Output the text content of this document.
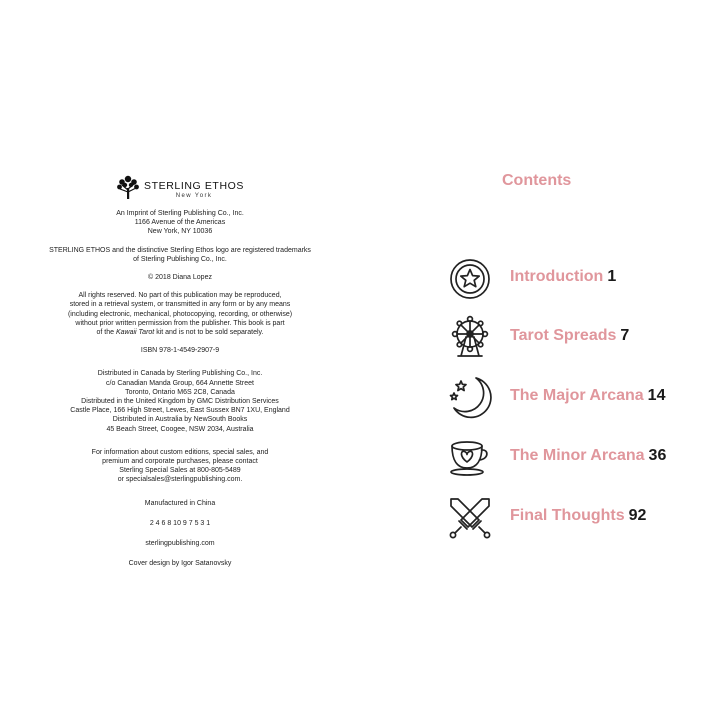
STERLING ETHOS
New York
An Imprint of Sterling Publishing Co., Inc.
1166 Avenue of the Americas
New York, NY 10036
STERLING ETHOS and the distinctive Sterling Ethos logo are registered trademarks
of Sterling Publishing Co., Inc.
© 2018 Diana Lopez
All rights reserved. No part of this publication may be reproduced,
stored in a retrieval system, or transmitted in any form or by any means
(including electronic, mechanical, photocopying, recording, or otherwise)
without prior written permission from the publisher. This book is part
of the Kawaii Tarot kit and is not to be sold separately.
ISBN 978-1-4549-2907-9
Distributed in Canada by Sterling Publishing Co., Inc.
c/o Canadian Manda Group, 664 Annette Street
Toronto, Ontario M6S 2C8, Canada
Distributed in the United Kingdom by GMC Distribution Services
Castle Place, 166 High Street, Lewes, East Sussex BN7 1XU, England
Distributed in Australia by NewSouth Books
45 Beach Street, Coogee, NSW 2034, Australia
For information about custom editions, special sales, and
premium and corporate purchases, please contact
Sterling Special Sales at 800-805-5489
or specialsales@sterlingpublishing.com.
Manufactured in China
2 4 6 8 10 9 7 5 3 1
sterlingpublishing.com
Cover design by Igor Satanovsky
Contents
Introduction 1
Tarot Spreads 7
The Major Arcana 14
The Minor Arcana 36
Final Thoughts 92
